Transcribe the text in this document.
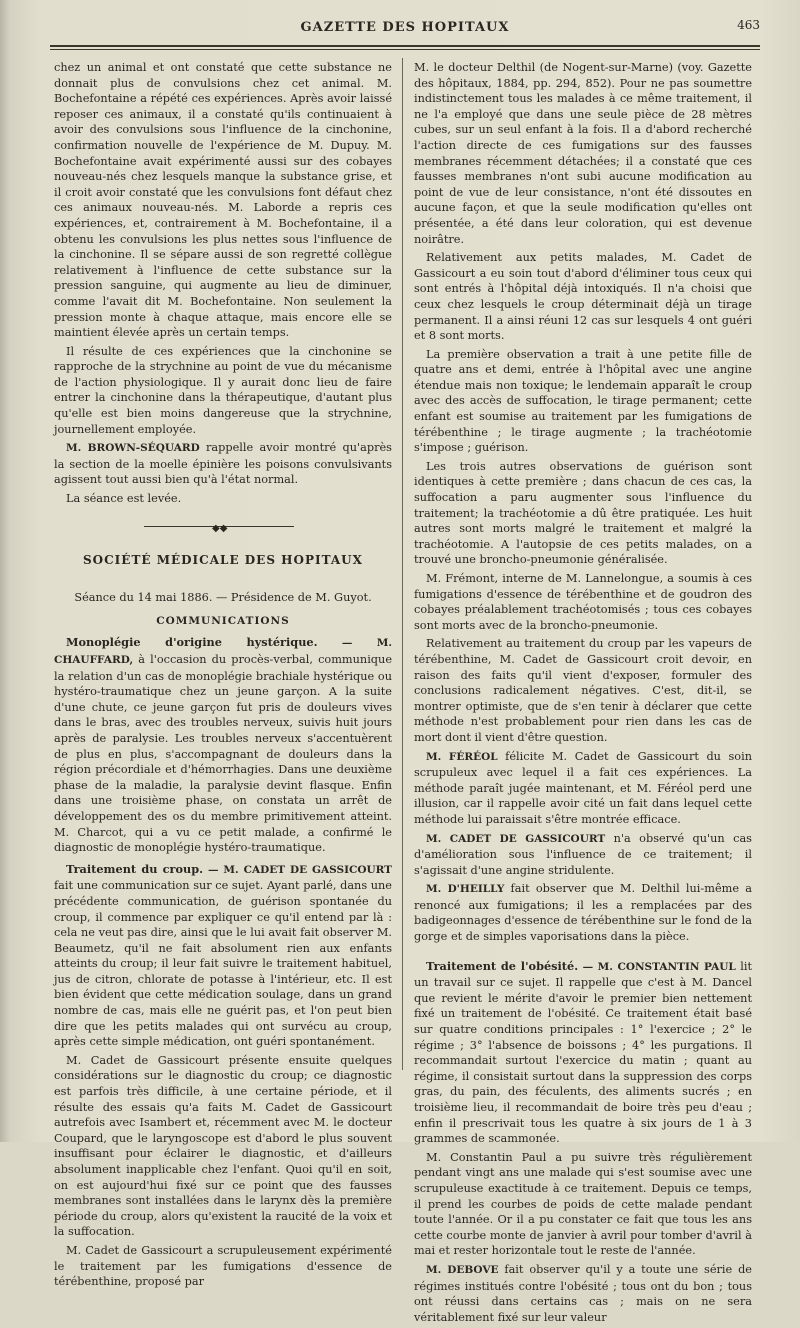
GAZETTE DES HOPITAUX	463

chez un animal et ont constaté que cette substance ne donnait plus de convulsions chez cet animal. M. Bochefontaine a répété ces expériences. Après avoir laissé reposer ces animaux, il a constaté qu'ils continuaient à avoir des convulsions sous l'influence de la cinchonine, confirmation nouvelle de l'expérience de M. Dupuy. M. Bochefontaine avait expérimenté aussi sur des cobayes nouveau-nés chez lesquels manque la substance grise, et il croit avoir constaté que les convulsions font défaut chez ces animaux nouveau-nés. M. Laborde a repris ces expériences, et, contrairement à M. Bochefontaine, il a obtenu les convulsions les plus nettes sous l'influence de la cinchonine. Il se sépare aussi de son regretté collègue relativement à l'influence de cette substance sur la pression sanguine, qui augmente au lieu de diminuer, comme l'avait dit M. Bochefontaine. Non seulement la pression monte à chaque attaque, mais encore elle se maintient élevée après un certain temps.

Il résulte de ces expériences que la cinchonine se rapproche de la strychnine au point de vue du mécanisme de l'action physiologique. Il y aurait donc lieu de faire entrer la cinchonine dans la thérapeutique, d'autant plus qu'elle est bien moins dangereuse que la strychnine, journellement employée.

M. BROWN-SÉQUARD rappelle avoir montré qu'après la section de la moelle épinière les poisons convulsivants agissent tout aussi bien qu'à l'état normal.

La séance est levée.

◆◆
SOCIÉTÉ MÉDICALE DES HOPITAUX
Séance du 14 mai 1886. — Présidence de M. Guyot.
COMMUNICATIONS

Monoplégie d'origine hystérique. — M. CHAUFFARD, à l'occasion du procès-verbal, communique la relation d'un cas de monoplégie brachiale hystérique ou hystéro-traumatique chez un jeune garçon. A la suite d'une chute, ce jeune garçon fut pris de douleurs vives dans le bras, avec des troubles nerveux, suivis huit jours après de paralysie. Les troubles nerveux s'accentuèrent de plus en plus, s'accompagnant de douleurs dans la région précordiale et d'hémorrhagies. Dans une deuxième phase de la maladie, la paralysie devint flasque. Enfin dans une troisième phase, on constata un arrêt de développement des os du membre primitivement atteint. M. Charcot, qui a vu ce petit malade, a confirmé le diagnostic de monoplégie hystéro-traumatique.

Traitement du croup. — M. CADET DE GASSICOURT fait une communication sur ce sujet. Ayant parlé, dans une précédente communication, de guérison spontanée du croup, il commence par expliquer ce qu'il entend par là : cela ne veut pas dire, ainsi que le lui avait fait observer M. Beaumetz, qu'il ne fait absolument rien aux enfants atteints du croup; il leur fait suivre le traitement habituel, jus de citron, chlorate de potasse à l'intérieur, etc. Il est bien évident que cette médication soulage, dans un grand nombre de cas, mais elle ne guérit pas, et l'on peut bien dire que les petits malades qui ont survécu au croup, après cette simple médication, ont guéri spontanément.

M. Cadet de Gassicourt présente ensuite quelques considérations sur le diagnostic du croup; ce diagnostic est parfois très difficile, à une certaine période, et il résulte des essais qu'a faits M. Cadet de Gassicourt autrefois avec Isambert et, récemment avec M. le docteur Coupard, que le laryngoscope est d'abord le plus souvent insuffisant pour éclairer le diagnostic, et d'ailleurs absolument inapplicable chez l'enfant. Quoi qu'il en soit, on est aujourd'hui fixé sur ce point que des fausses membranes sont installées dans le larynx dès la première période du croup, alors qu'existent la raucité de la voix et la suffocation.

M. Cadet de Gassicourt a scrupuleusement expérimenté le traitement par les fumigations d'essence de térébenthine, proposé par

M. le docteur Delthil (de Nogent-sur-Marne) (voy. Gazette des hôpitaux, 1884, pp. 294, 852). Pour ne pas soumettre indistinctement tous les malades à ce même traitement, il ne l'a employé que dans une seule pièce de 28 mètres cubes, sur un seul enfant à la fois. Il a d'abord recherché l'action directe de ces fumigations sur des fausses membranes récemment détachées; il a constaté que ces fausses membranes n'ont subi aucune modification au point de vue de leur consistance, n'ont été dissoutes en aucune façon, et que la seule modification qu'elles ont présentée, a été dans leur coloration, qui est devenue noirâtre.

Relativement aux petits malades, M. Cadet de Gassicourt a eu soin tout d'abord d'éliminer tous ceux qui sont entrés à l'hôpital déjà intoxiqués. Il n'a choisi que ceux chez lesquels le croup déterminait déjà un tirage permanent. Il a ainsi réuni 12 cas sur lesquels 4 ont guéri et 8 sont morts.

La première observation a trait à une petite fille de quatre ans et demi, entrée à l'hôpital avec une angine étendue mais non toxique; le lendemain apparaît le croup avec des accès de suffocation, le tirage permanent; cette enfant est soumise au traitement par les fumigations de térébenthine ; le tirage augmente ; la trachéotomie s'impose ; guérison.

Les trois autres observations de guérison sont identiques à cette première ; dans chacun de ces cas, la suffocation a paru augmenter sous l'influence du traitement; la trachéotomie a dû être pratiquée. Les huit autres sont morts malgré le traitement et malgré la trachéotomie. A l'autopsie de ces petits malades, on a trouvé une broncho-pneumonie généralisée.

M. Frémont, interne de M. Lannelongue, a soumis à ces fumigations d'essence de térébenthine et de goudron des cobayes préalablement trachéotomisés ; tous ces cobayes sont morts avec de la broncho-pneumonie.

Relativement au traitement du croup par les vapeurs de térébenthine, M. Cadet de Gassicourt croit devoir, en raison des faits qu'il vient d'exposer, formuler des conclusions radicalement négatives. C'est, dit-il, se montrer optimiste, que de s'en tenir à déclarer que cette méthode n'est probablement pour rien dans les cas de mort dont il vient d'être question.

M. FÉRÉOL félicite M. Cadet de Gassicourt du soin scrupuleux avec lequel il a fait ces expériences. La méthode paraît jugée maintenant, et M. Féréol perd une illusion, car il rappelle avoir cité un fait dans lequel cette méthode lui paraissait s'être montrée efficace.

M. CADET DE GASSICOURT n'a observé qu'un cas d'amélioration sous l'influence de ce traitement; il s'agissait d'une angine stridulente.

M. D'HEILLY fait observer que M. Delthil lui-même a renoncé aux fumigations; il les a remplacées par des badigeonnages d'essence de térébenthine sur le fond de la gorge et de simples vaporisations dans la pièce.

Traitement de l'obésité. — M. CONSTANTIN PAUL lit un travail sur ce sujet. Il rappelle que c'est à M. Dancel que revient le mérite d'avoir le premier bien nettement fixé un traitement de l'obésité. Ce traitement était basé sur quatre conditions principales : 1° l'exercice ; 2° le régime ; 3° l'absence de boissons ; 4° les purgations. Il recommandait surtout l'exercice du matin ; quant au régime, il consistait surtout dans la suppression des corps gras, du pain, des féculents, des aliments sucrés ; en troisième lieu, il recommandait de boire très peu d'eau ; enfin il prescrivait tous les quatre à six jours de 1 à 3 grammes de scammonée.

M. Constantin Paul a pu suivre très régulièrement pendant vingt ans une malade qui s'est soumise avec une scrupuleuse exactitude à ce traitement. Depuis ce temps, il prend les courbes de poids de cette malade pendant toute l'année. Or il a pu constater ce fait que tous les ans cette courbe monte de janvier à avril pour tomber d'avril à mai et rester horizontale tout le reste de l'année.

M. DEBOVE fait observer qu'il y a toute une série de régimes institués contre l'obésité ; tous ont du bon ; tous ont réussi dans certains cas ; mais on ne sera véritablement fixé sur leur valeur
